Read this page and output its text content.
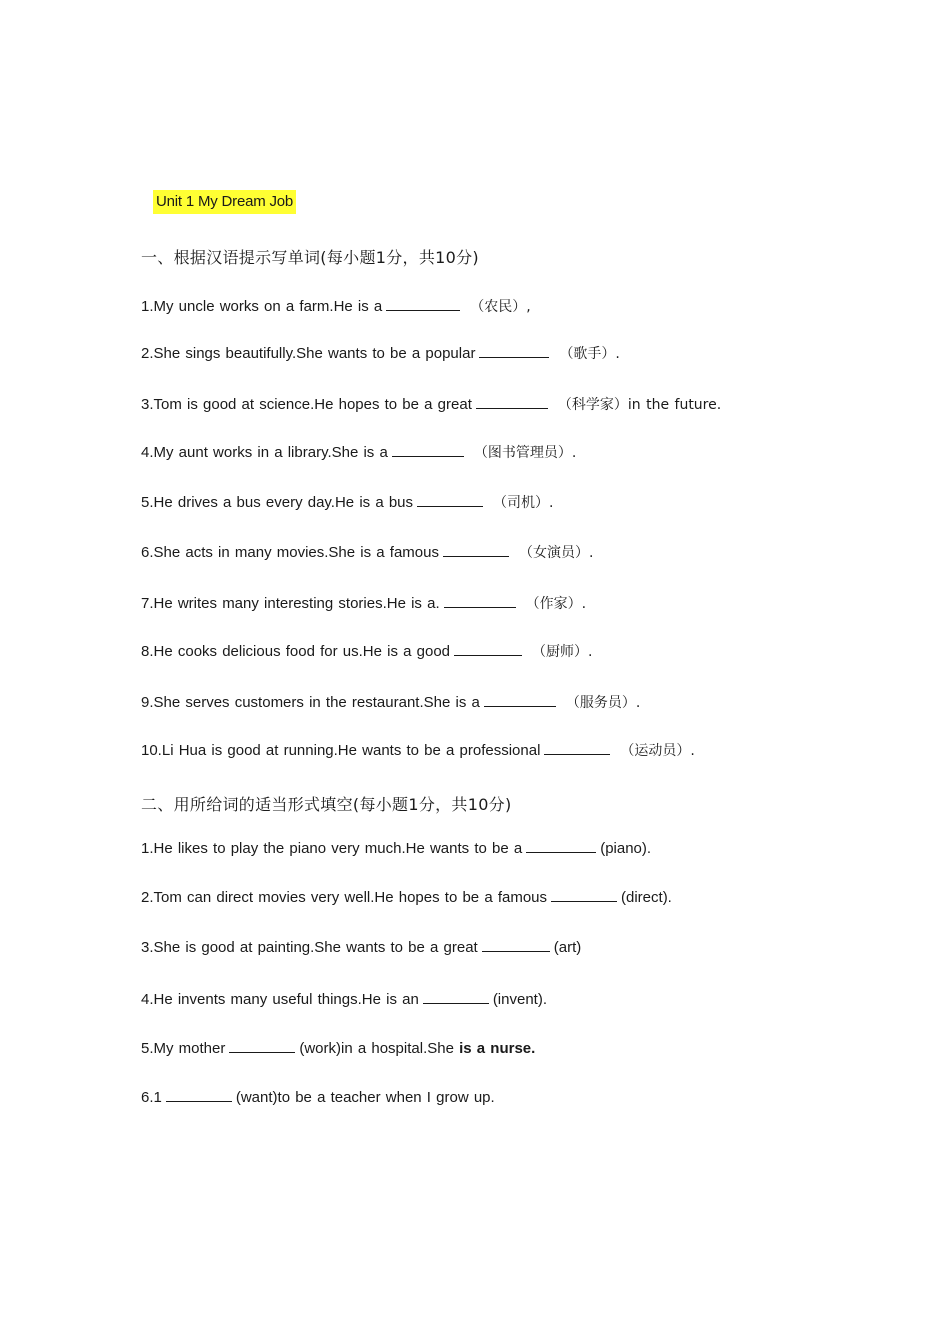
Unit 1 My Dream Job
一、根据汉语提示写单词(每小题1分，共10分)
1.My uncle works on a farm.He is a	（农民）,
2.She sings beautifully.She wants to be a popular	（歌手）.
3.Tom is good at science.He hopes to be a great	（科学家）in the future.
4.My aunt works in a library.She is a	（图书管理员）.
5.He drives a bus every day.He is a bus	（司机）.
6.She acts in many movies.She is a famous	（女演员）.
7.He writes many interesting stories.He is a.	（作家）.
8.He cooks delicious food for us.He is a good	（厨师）.
9.She serves customers in the restaurant.She is a	（服务员）.
10.Li Hua is good at running.He wants to be a professional	（运动员）.
二、用所给词的适当形式填空(每小题1分，共10分)
1.He likes to play the piano very much.He wants to be a	(piano).
2.Tom can direct movies very well.He hopes to be a famous	(direct).
3.She is good at painting.She wants to be a great	(art)
4.He invents many useful things.He is an	(invent).
5.My mother	(work)in a hospital.She is a nurse.
6.1	(want)to be a teacher when I grow up.
